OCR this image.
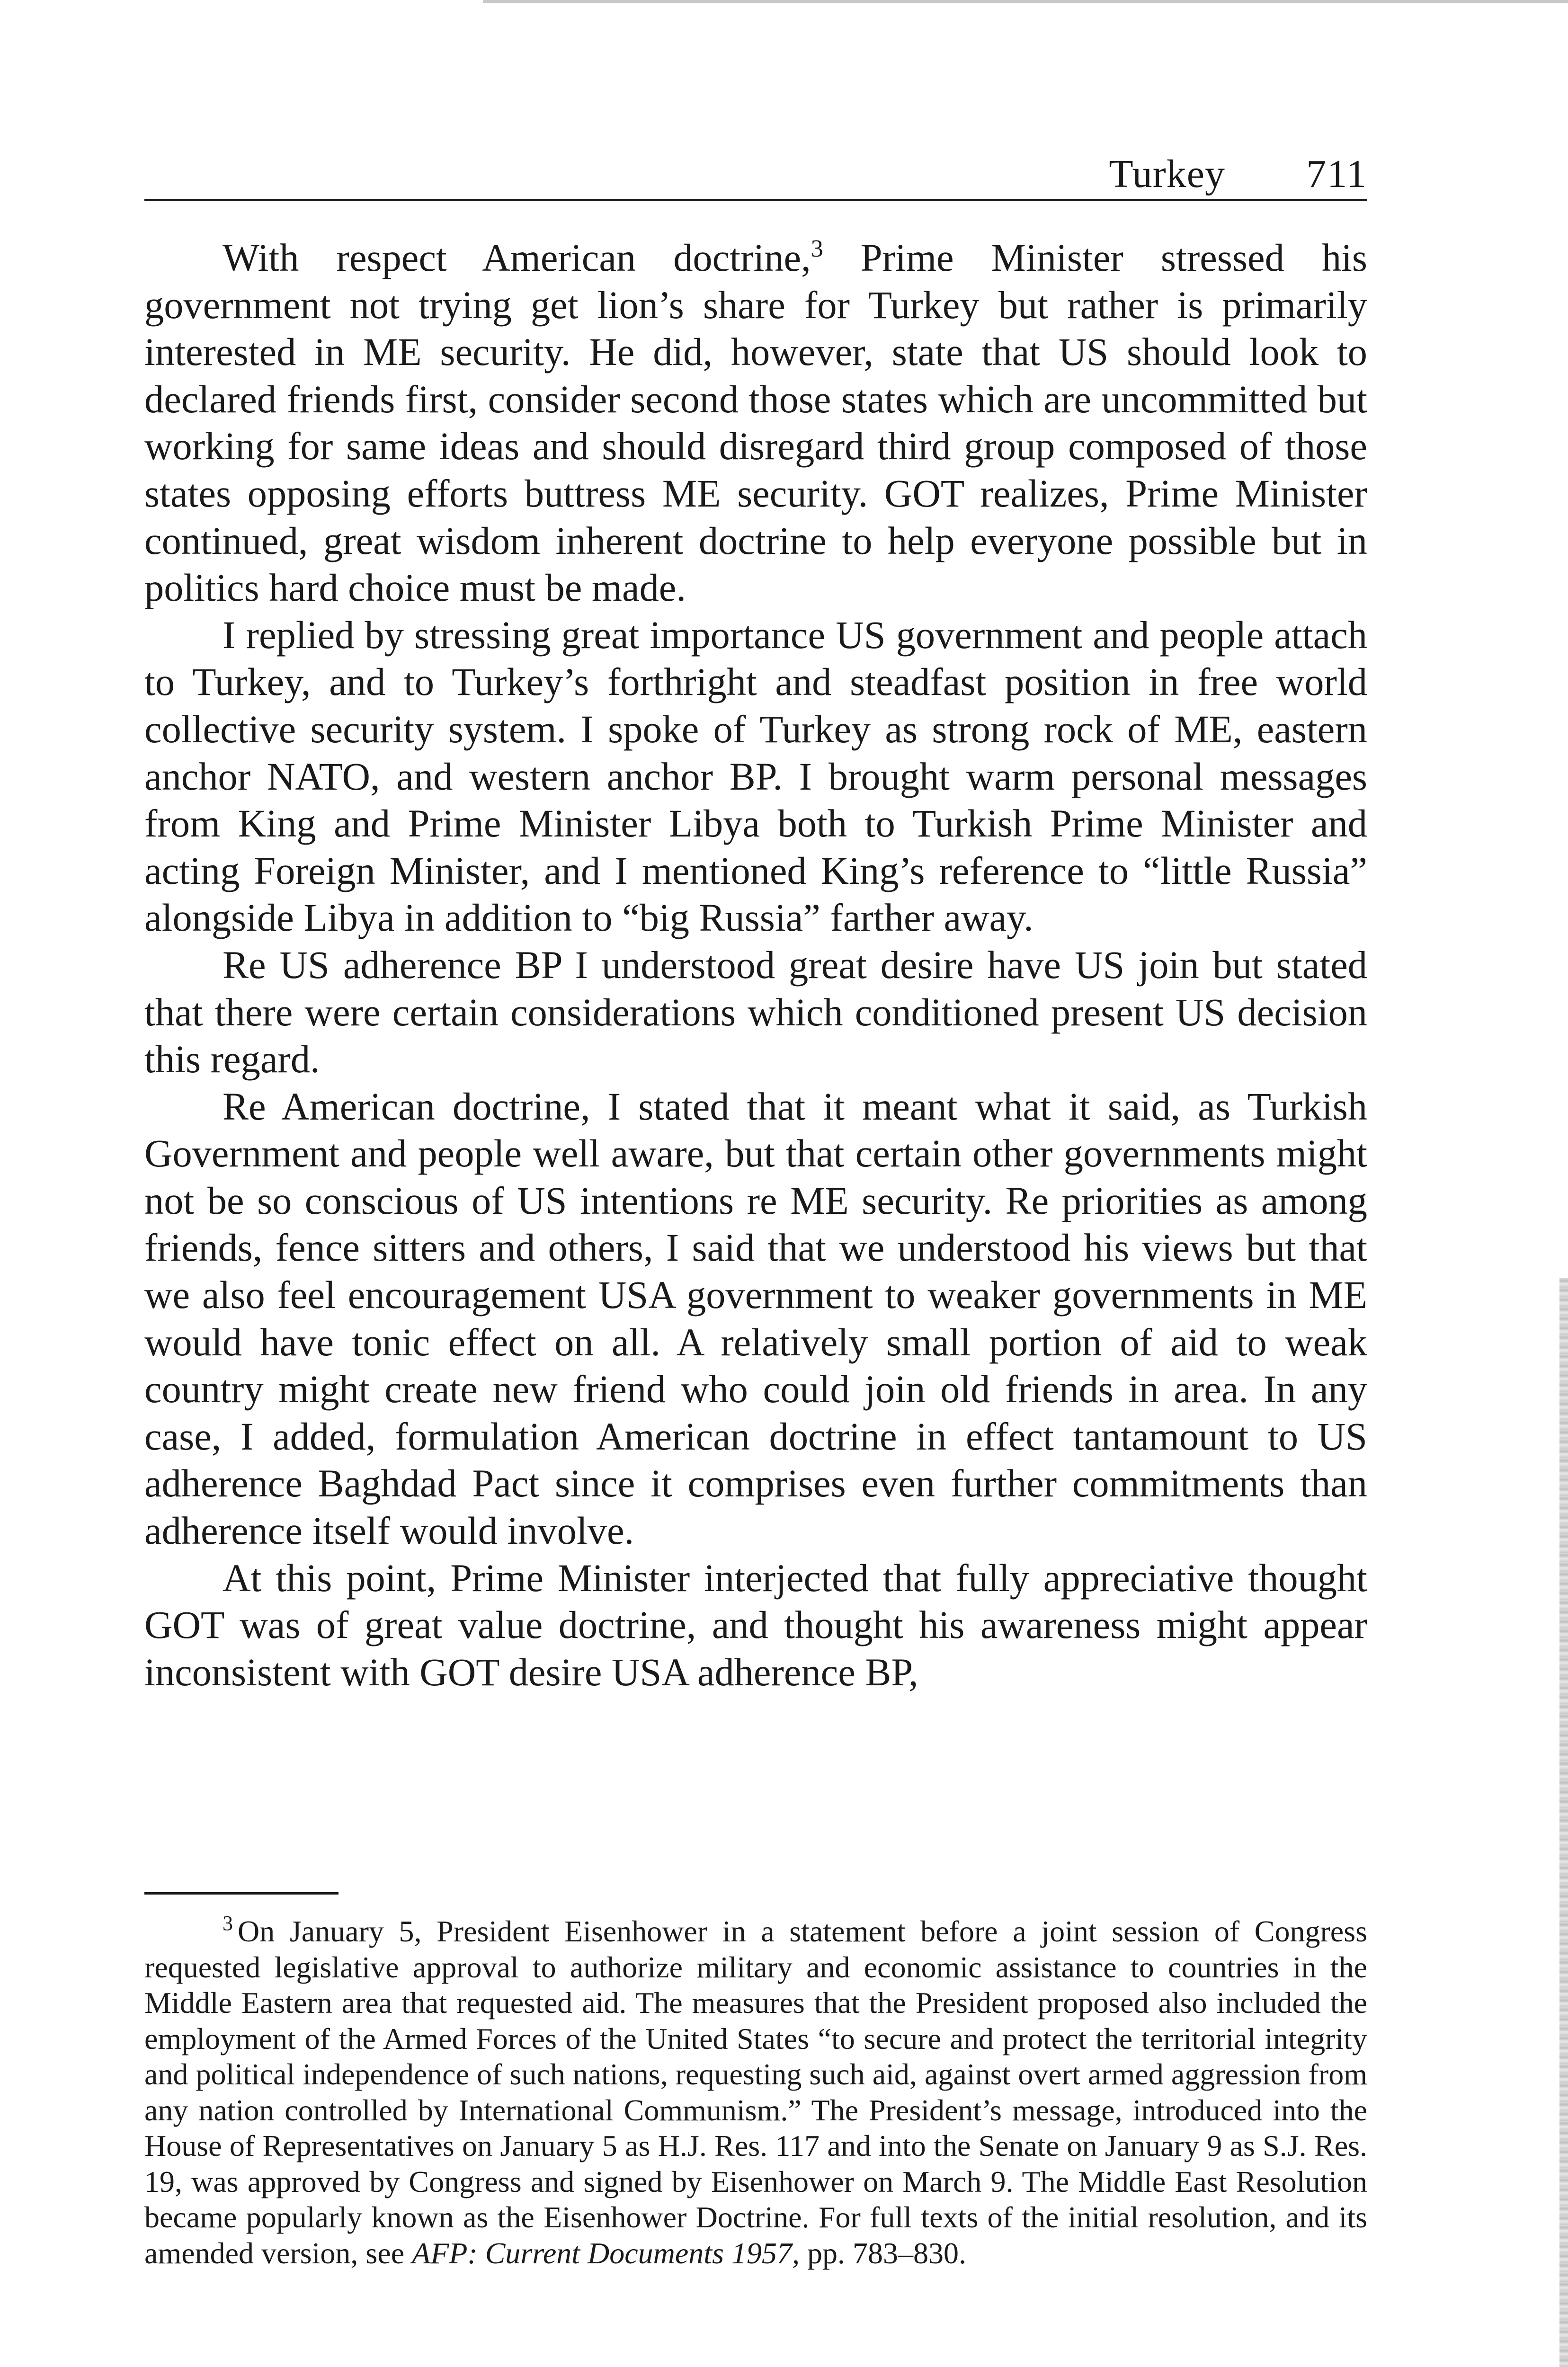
Turkey 711

With respect American doctrine,$^3$ Prime Minister stressed his government not trying get lion’s share for Turkey but rather is primarily interested in ME security. He did, however, state that US should look to declared friends first, consider second those states which are uncommitted but working for same ideas and should disregard third group composed of those states opposing efforts buttress ME security. GOT realizes, Prime Minister continued, great wisdom inherent doctrine to help everyone possible but in politics hard choice must be made.

I replied by stressing great importance US government and people attach to Turkey, and to Turkey’s forthright and steadfast position in free world collective security system. I spoke of Turkey as strong rock of ME, eastern anchor NATO, and western anchor BP. I brought warm personal messages from King and Prime Minister Libya both to Turkish Prime Minister and acting Foreign Minister, and I mentioned King’s reference to “little Russia” alongside Libya in addition to “big Russia” farther away.

Re US adherence BP I understood great desire have US join but stated that there were certain considerations which conditioned present US decision this regard.

Re American doctrine, I stated that it meant what it said, as Turkish Government and people well aware, but that certain other governments might not be so conscious of US intentions re ME security. Re priorities as among friends, fence sitters and others, I said that we understood his views but that we also feel encouragement USA government to weaker governments in ME would have tonic effect on all. A relatively small portion of aid to weak country might create new friend who could join old friends in area. In any case, I added, formulation American doctrine in effect tantamount to US adherence Baghdad Pact since it comprises even further commitments than adherence itself would involve.

At this point, Prime Minister interjected that fully appreciative thought GOT was of great value doctrine, and thought his awareness might appear inconsistent with GOT desire USA adherence BP,

$^3$ On January 5, President Eisenhower in a statement before a joint session of Congress requested legislative approval to authorize military and economic assistance to countries in the Middle Eastern area that requested aid. The measures that the President proposed also included the employment of the Armed Forces of the United States “to secure and protect the territorial integrity and political independence of such nations, requesting such aid, against overt armed aggression from any nation controlled by International Communism.” The President’s message, introduced into the House of Representatives on January 5 as H.J. Res. 117 and into the Senate on January 9 as S.J. Res. 19, was approved by Congress and signed by Eisenhower on March 9. The Middle East Resolution became popularly known as the Eisenhower Doctrine. For full texts of the initial resolution, and its amended version, see AFP: Current Documents 1957, pp. 783–830.
